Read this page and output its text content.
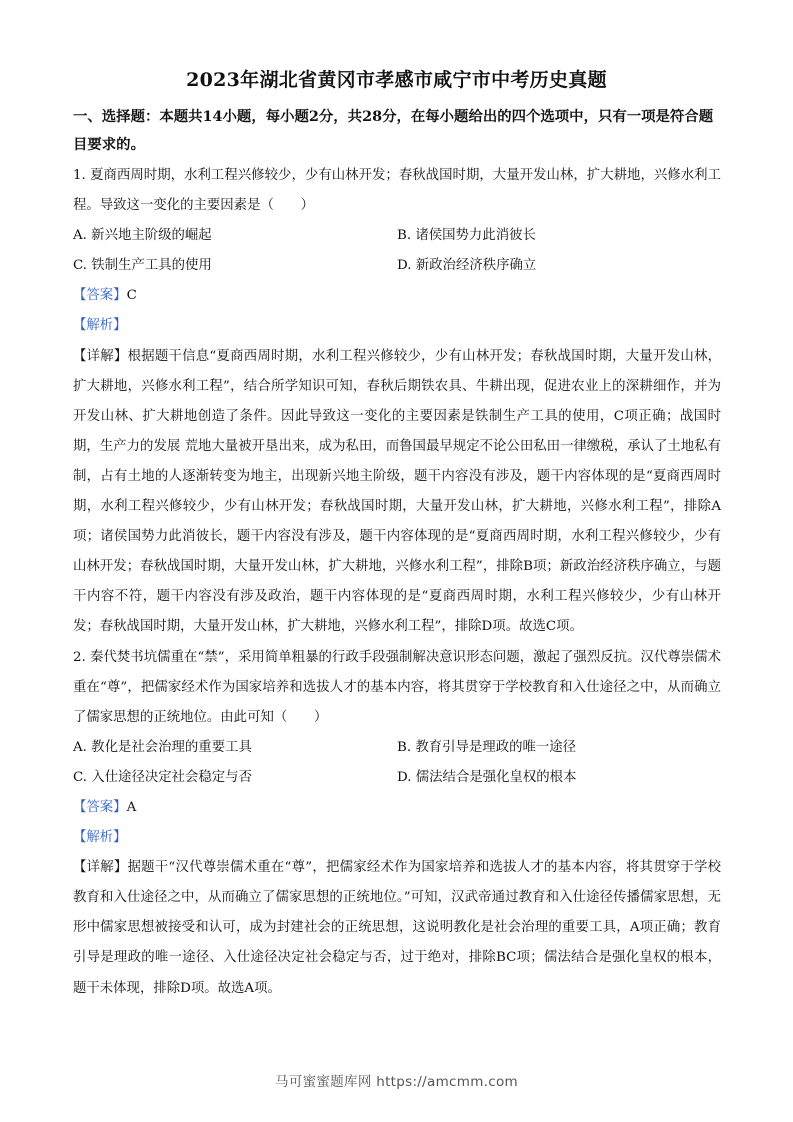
2023年湖北省黄冈市孝感市咸宁市中考历史真题
一、选择题：本题共14小题，每小题2分，共28分，在每小题给出的四个选项中，只有一项是符合题目要求的。

1. 夏商西周时期，水利工程兴修较少，少有山林开发；春秋战国时期，大量开发山林，扩大耕地，兴修水利工程。导致这一变化的主要因素是（　　）

A. 新兴地主阶级的崛起	B. 诸侯国势力此消彼长
C. 铁制生产工具的使用	D. 新政治经济秩序确立

【答案】C

【解析】

【详解】根据题干信息“夏商西周时期，水利工程兴修较少，少有山林开发；春秋战国时期，大量开发山林，扩大耕地，兴修水利工程”，结合所学知识可知，春秋后期铁农具、牛耕出现，促进农业上的深耕细作，并为开发山林、扩大耕地创造了条件。因此导致这一变化的主要因素是铁制生产工具的使用，C项正确；战国时期，生产力的发展 荒地大量被开垦出来，成为私田，而鲁国最早规定不论公田私田一律缴税，承认了土地私有制，占有土地的人逐渐转变为地主，出现新兴地主阶级，题干内容没有涉及，题干内容体现的是“夏商西周时期，水利工程兴修较少，少有山林开发；春秋战国时期，大量开发山林，扩大耕地，兴修水利工程”，排除A项；诸侯国势力此消彼长，题干内容没有涉及，题干内容体现的是“夏商西周时期，水利工程兴修较少，少有山林开发；春秋战国时期，大量开发山林，扩大耕地，兴修水利工程”，排除B项；新政治经济秩序确立，与题干内容不符，题干内容没有涉及政治，题干内容体现的是“夏商西周时期，水利工程兴修较少，少有山林开发；春秋战国时期，大量开发山林，扩大耕地，兴修水利工程”，排除D项。故选C项。

2. 秦代焚书坑儒重在“禁”，采用简单粗暴的行政手段强制解决意识形态问题，激起了强烈反抗。汉代尊崇儒术重在“尊”，把儒家经术作为国家培养和选拔人才的基本内容，将其贯穿于学校教育和入仕途径之中，从而确立了儒家思想的正统地位。由此可知（　　）

A. 教化是社会治理的重要工具	B. 教育引导是理政的唯一途径
C. 入仕途径决定社会稳定与否	D. 儒法结合是强化皇权的根本

【答案】A

【解析】

【详解】据题干“汉代尊崇儒术重在“尊”，把儒家经术作为国家培养和选拔人才的基本内容，将其贯穿于学校教育和入仕途径之中，从而确立了儒家思想的正统地位。”可知，汉武帝通过教育和入仕途径传播儒家思想，无形中儒家思想被接受和认可，成为封建社会的正统思想，这说明教化是社会治理的重要工具，A项正确；教育引导是理政的唯一途径、入仕途径决定社会稳定与否，过于绝对，排除BC项；儒法结合是强化皇权的根本，题干未体现，排除D项。故选A项。

马可蜜蜜题库网 https://amcmm.com
